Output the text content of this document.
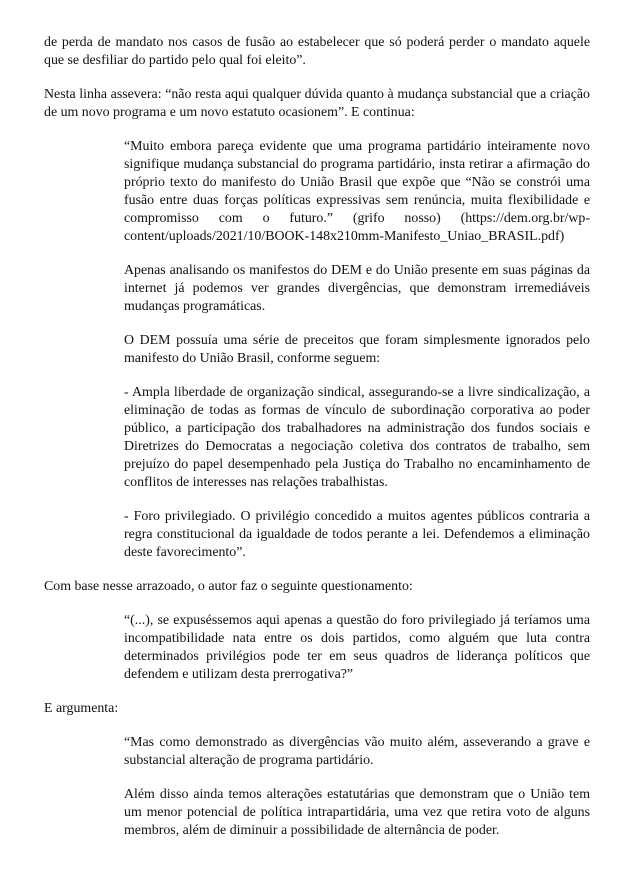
de perda de mandato nos casos de fusão ao estabelecer que só poderá perder o mandato aquele que se desfiliar do partido pelo qual foi eleito”.

Nesta linha assevera: “não resta aqui qualquer dúvida quanto à mudança substancial que a criação de um novo programa e um novo estatuto ocasionem”. E continua:

“Muito embora pareça evidente que uma programa partidário inteiramente novo signifique mudança substancial do programa partidário, insta retirar a afirmação do próprio texto do manifesto do União Brasil que expõe que “Não se constrói uma fusão entre duas forças políticas expressivas sem renúncia, muita flexibilidade e compromisso com o futuro.” (grifo nosso) (https://dem.org.br/wp-content/uploads/2021/10/BOOK-148x210mm-Manifesto_Uniao_BRASIL.pdf)

Apenas analisando os manifestos do DEM e do União presente em suas páginas da internet já podemos ver grandes divergências, que demonstram irremediáveis mudanças programáticas.

O DEM possuía uma série de preceitos que foram simplesmente ignorados pelo manifesto do União Brasil, conforme seguem:

- Ampla liberdade de organização sindical, assegurando-se a livre sindicalização, a eliminação de todas as formas de vínculo de subordinação corporativa ao poder público, a participação dos trabalhadores na administração dos fundos sociais e Diretrizes do Democratas a negociação coletiva dos contratos de trabalho, sem prejuízo do papel desempenhado pela Justiça do Trabalho no encaminhamento de conflitos de interesses nas relações trabalhistas.

- Foro privilegiado. O privilégio concedido a muitos agentes públicos contraria a regra constitucional da igualdade de todos perante a lei. Defendemos a eliminação deste favorecimento”.

Com base nesse arrazoado, o autor faz o seguinte questionamento:

“(...), se expuséssemos aqui apenas a questão do foro privilegiado já teríamos uma incompatibilidade nata entre os dois partidos, como alguém que luta contra determinados privilégios pode ter em seus quadros de liderança políticos que defendem e utilizam desta prerrogativa?”

E argumenta:

“Mas como demonstrado as divergências vão muito além, asseverando a grave e substancial alteração de programa partidário.

Além disso ainda temos alterações estatutárias que demonstram que o União tem um menor potencial de política intrapartidária, uma vez que retira voto de alguns membros, além de diminuir a possibilidade de alternância de poder.
